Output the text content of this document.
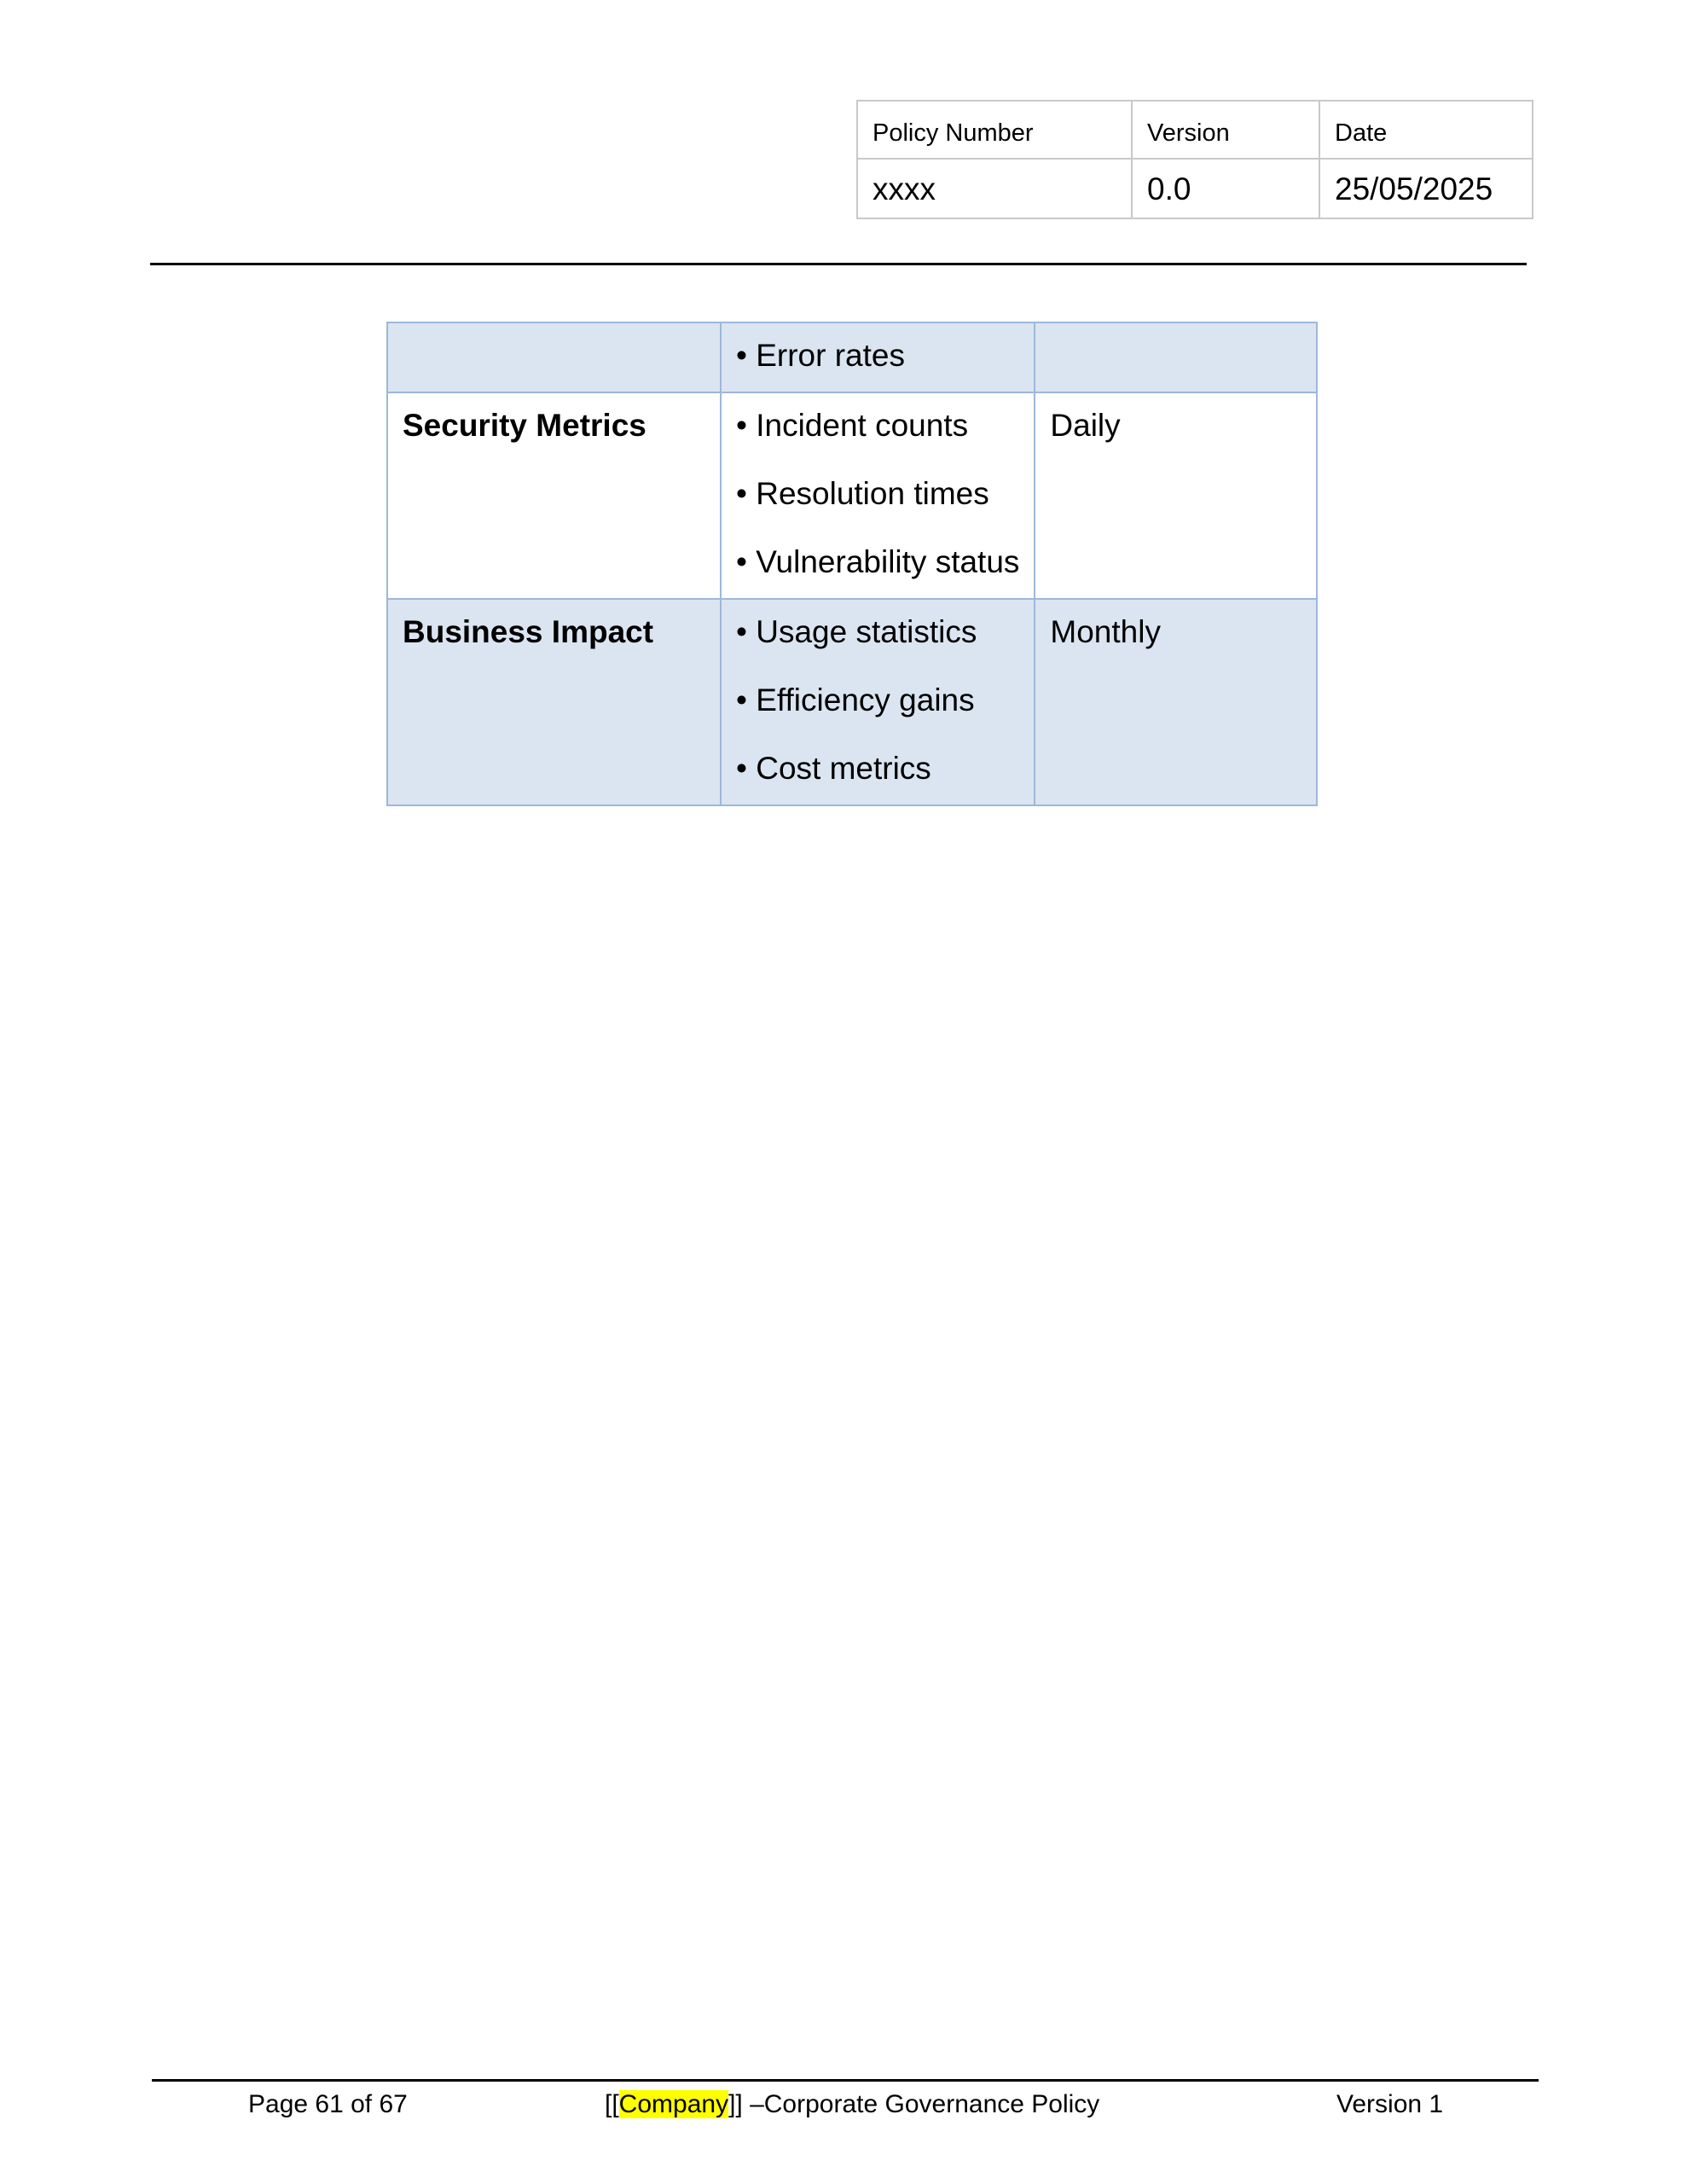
Policy Number	Version	Date
xxxx	0.0	25/05/2025

	• Error rates	

Security Metrics	• Incident counts
• Resolution times
• Vulnerability status	Daily

Business Impact	• Usage statistics
• Efficiency gains
• Cost metrics	Monthly
Page 61 of 67	[[Company]] –Corporate Governance Policy	Version 1
